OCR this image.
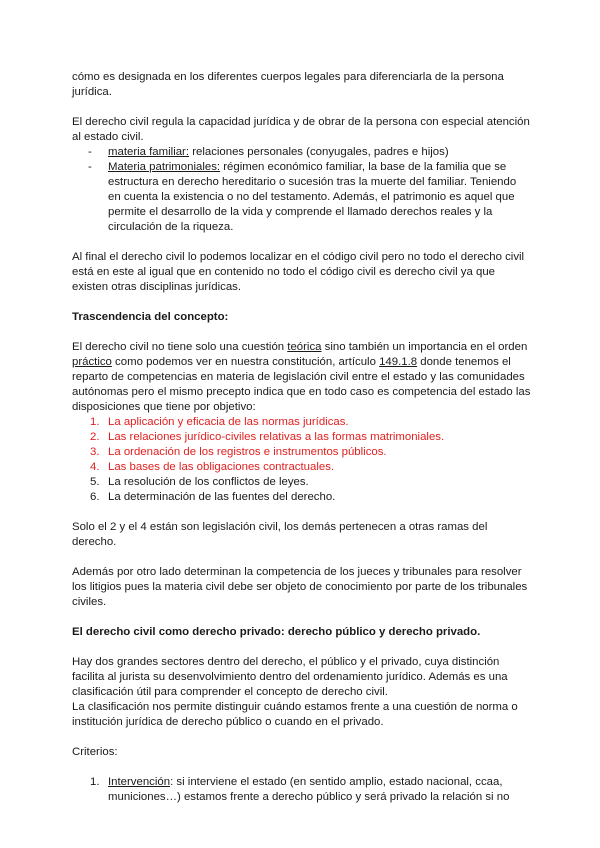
cómo es designada en los diferentes cuerpos legales para diferenciarla de la persona jurídica.

El derecho civil regula la capacidad jurídica y de obrar de la persona con especial atención al estado civil.

- materia familiar: relaciones personales (conyugales, padres e hijos)
- Materia patrimoniales: régimen económico familiar, la base de la familia que se estructura en derecho hereditario o sucesión tras la muerte del familiar. Teniendo en cuenta la existencia o no del testamento. Además, el patrimonio es aquel que permite el desarrollo de la vida y comprende el llamado derechos reales y la circulación de la riqueza.

Al final el derecho civil lo podemos localizar en el código civil pero no todo el derecho civil está en este al igual que en contenido no todo el código civil es derecho civil ya que existen otras disciplinas jurídicas.

Trascendencia del concepto:

El derecho civil no tiene solo una cuestión teórica sino también un importancia en el orden práctico como podemos ver en nuestra constitución, artículo 149.1.8 donde tenemos el reparto de competencias en materia de legislación civil entre el estado y las comunidades autónomas pero el mismo precepto indica que en todo caso es competencia del estado las disposiciones que tiene por objetivo:

1. La aplicación y eficacia de las normas jurídicas.
2. Las relaciones jurídico-civiles relativas a las formas matrimoniales.
3. La ordenación de los registros e instrumentos públicos.
4. Las bases de las obligaciones contractuales.
5. La resolución de los conflictos de leyes.
6. La determinación de las fuentes del derecho.

Solo el 2 y el 4 están son legislación civil, los demás pertenecen a otras ramas del derecho.

Además por otro lado determinan la competencia de los jueces y tribunales para resolver los litigios pues la materia civil debe ser objeto de conocimiento por parte de los tribunales civiles.

El derecho civil como derecho privado: derecho público y derecho privado.

Hay dos grandes sectores dentro del derecho, el público y el privado, cuya distinción facilita al jurista su desenvolvimiento dentro del ordenamiento jurídico. Además es una clasificación útil para comprender el concepto de derecho civil.

La clasificación nos permite distinguir cuándo estamos frente a una cuestión de norma o institución jurídica de derecho público o cuando en el privado.

Criterios:

1. Intervención: si interviene el estado (en sentido amplio, estado nacional, ccaa, municiones…) estamos frente a derecho público y será privado la relación si no
